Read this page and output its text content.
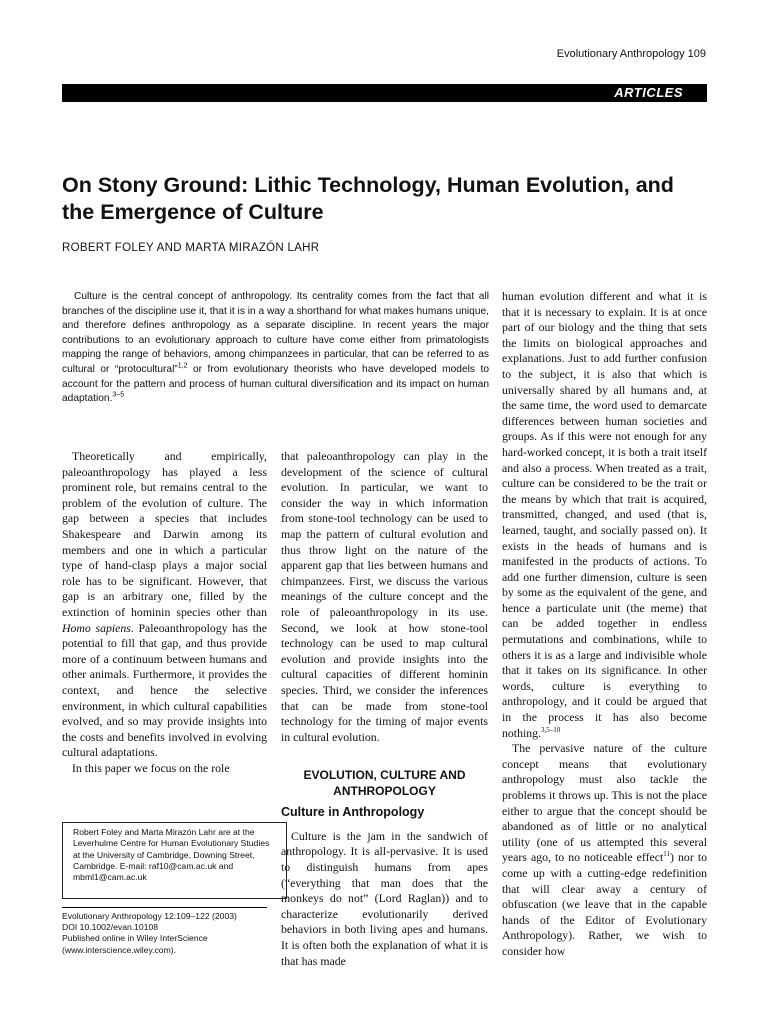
Evolutionary Anthropology 109
ARTICLES
On Stony Ground: Lithic Technology, Human Evolution, and the Emergence of Culture
ROBERT FOLEY AND MARTA MIRAZÓN LAHR

Culture is the central concept of anthropology. Its centrality comes from the fact that all branches of the discipline use it, that it is in a way a shorthand for what makes humans unique, and therefore defines anthropology as a separate discipline. In recent years the major contributions to an evolutionary approach to culture have come either from primatologists mapping the range of behaviors, among chimpanzees in particular, that can be referred to as cultural or “protocultural”$^{1,2}$ or from evolutionary theorists who have developed models to account for the pattern and process of human cultural diversification and its impact on human adaptation.$^{3-5}$

Theoretically and empirically, paleoanthropology has played a less prominent role, but remains central to the problem of the evolution of culture. The gap between a species that includes Shakespeare and Darwin among its members and one in which a particular type of hand-clasp plays a major social role has to be significant. However, that gap is an arbitrary one, filled by the extinction of hominin species other than Homo sapiens. Paleoanthropology has the potential to fill that gap, and thus provide more of a continuum between humans and other animals. Furthermore, it provides the context, and hence the selective environment, in which cultural capabilities evolved, and so may provide insights into the costs and benefits involved in evolving cultural adaptations.

In this paper we focus on the role

that paleoanthropology can play in the development of the science of cultural evolution. In particular, we want to consider the way in which information from stone-tool technology can be used to map the pattern of cultural evolution and thus throw light on the nature of the apparent gap that lies between humans and chimpanzees. First, we discuss the various meanings of the culture concept and the role of paleoanthropology in its use. Second, we look at how stone-tool technology can be used to map cultural evolution and provide insights into the cultural capacities of different hominin species. Third, we consider the inferences that can be made from stone-tool technology for the timing of major events in cultural evolution.

EVOLUTION, CULTURE AND ANTHROPOLOGY
Culture in Anthropology

Culture is the jam in the sandwich of anthropology. It is all-pervasive. It is used to distinguish humans from apes (“everything that man does that the monkeys do not” (Lord Raglan)) and to characterize evolutionarily derived behaviors in both living apes and humans. It is often both the explanation of what it is that has made

human evolution different and what it is that it is necessary to explain. It is at once part of our biology and the thing that sets the limits on biological approaches and explanations. Just to add further confusion to the subject, it is also that which is universally shared by all humans and, at the same time, the word used to demarcate differences between human societies and groups. As if this were not enough for any hard-worked concept, it is both a trait itself and also a process. When treated as a trait, culture can be considered to be the trait or the means by which that trait is acquired, transmitted, changed, and used (that is, learned, taught, and socially passed on). It exists in the heads of humans and is manifested in the products of actions. To add one further dimension, culture is seen by some as the equivalent of the gene, and hence a particulate unit (the meme) that can be added together in endless permutations and combinations, while to others it is as a large and indivisible whole that it takes on its significance. In other words, culture is everything to anthropology, and it could be argued that in the process it has also become nothing.$^{3,5-10}$

The pervasive nature of the culture concept means that evolutionary anthropology must also tackle the problems it throws up. This is not the place either to argue that the concept should be abandoned as of little or no analytical utility (one of us attempted this several years ago, to no noticeable effect$^{11}$) nor to come up with a cutting-edge redefinition that will clear away a century of obfuscation (we leave that in the capable hands of the Editor of Evolutionary Anthropology). Rather, we wish to consider how

Robert Foley and Marta Mirazón Lahr are at the Leverhulme Centre for Human Evolutionary Studies at the University of Cambridge, Downing Street, Cambridge. E-mail: raf10@cam.ac.uk and mbml1@cam.ac.uk
Evolutionary Anthropology 12:109–122 (2003)
DOI 10.1002/evan.10108
Published online in Wiley InterScience
(www.interscience.wiley.com).
